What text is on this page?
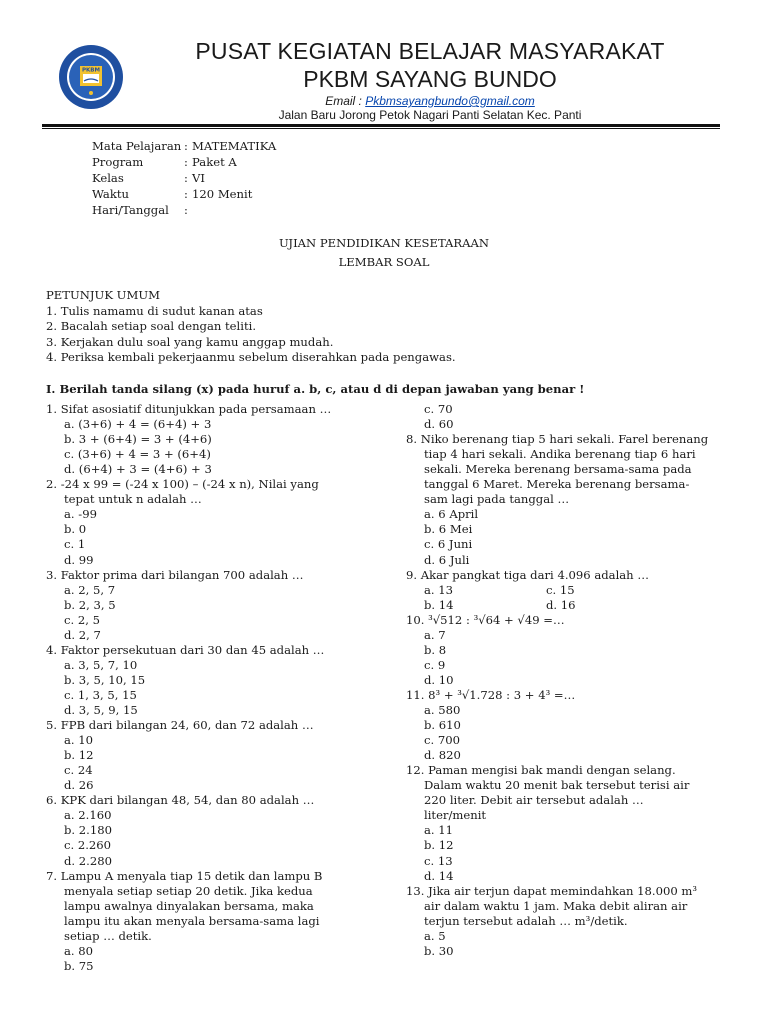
PKBM
PUSAT KEGIATAN BELAJAR MASYARAKAT
PKBM SAYANG BUNDO
Email : Pkbmsayangbundo@gmail.com
Jalan Baru Jorong Petok Nagari Panti Selatan Kec. Panti
Mata Pelajaran : MATEMATIKA
Program	: Paket A
Kelas	: VI
Waktu	: 120 Menit
Hari/Tanggal :
UJIAN PENDIDIKAN KESETARAAN
LEMBAR SOAL
PETUNJUK UMUM
1. Tulis namamu di sudut kanan atas
2. Bacalah setiap soal dengan teliti.
3. Kerjakan dulu soal yang kamu anggap mudah.
4. Periksa kembali pekerjaanmu sebelum diserahkan pada pengawas.
I. Berilah tanda silang (x) pada huruf a. b, c, atau d di depan jawaban yang benar !
1. Sifat asosiatif ditunjukkan pada persamaan …
a. (3+6) + 4 = (6+4) + 3
b. 3 + (6+4) = 3 + (4+6)
c. (3+6) + 4 = 3 + (6+4)
d. (6+4) + 3 = (4+6) + 3
2. -24 x 99 = (-24 x 100) – (-24 x n), Nilai yang
tepat untuk n adalah …
a. -99
b. 0
c. 1
d. 99
3. Faktor prima dari bilangan 700 adalah …
a. 2, 5, 7
b. 2, 3, 5
c. 2, 5
d. 2, 7
4. Faktor persekutuan dari 30 dan 45 adalah …
a. 3, 5, 7, 10
b. 3, 5, 10, 15
c. 1, 3, 5, 15
d. 3, 5, 9, 15
5. FPB dari bilangan 24, 60, dan 72 adalah …
a. 10
b. 12
c. 24
d. 26
6. KPK dari bilangan 48, 54, dan 80 adalah …
a. 2.160
b. 2.180
c. 2.260
d. 2.280
7. Lampu A menyala tiap 15 detik dan lampu B
menyala setiap setiap 20 detik. Jika kedua
lampu awalnya dinyalakan bersama, maka
lampu itu akan menyala bersama-sama lagi
setiap … detik.
a. 80
b. 75
c. 70
d. 60
8. Niko berenang tiap 5 hari sekali. Farel berenang
tiap 4 hari sekali. Andika berenang tiap 6 hari
sekali. Mereka berenang bersama-sama pada
tanggal 6 Maret. Mereka berenang bersama-
sam lagi pada tanggal …
a. 6 April
b. 6 Mei
c. 6 Juni
d. 6 Juli
9. Akar pangkat tiga dari 4.096 adalah …
a. 13	c. 15
b. 14	d. 16
10. ³√512 : ³√64 + √49 =…
a. 7
b. 8
c. 9
d. 10
11. 8³ + ³√1.728 : 3 + 4³ =…
a. 580
b. 610
c. 700
d. 820
12. Paman mengisi bak mandi dengan selang.
Dalam waktu 20 menit bak tersebut terisi air
220 liter. Debit air tersebut adalah …
liter/menit
a. 11
b. 12
c. 13
d. 14
13. Jika air terjun dapat memindahkan 18.000 m³
air dalam waktu 1 jam. Maka debit aliran air
terjun tersebut adalah … m³/detik.
a. 5
b. 30
